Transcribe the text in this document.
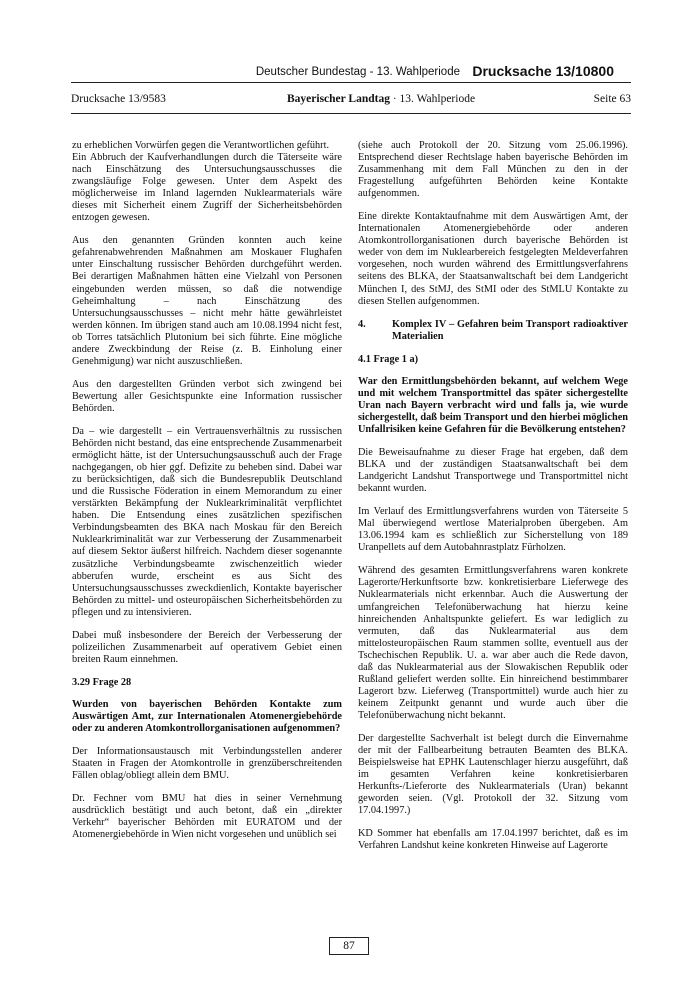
Deutscher Bundestag - 13. Wahlperiode Drucksache 13/10800
Drucksache 13/9583	Bayerischer Landtag · 13. Wahlperiode	Seite 63

zu erheblichen Vorwürfen gegen die Verantwortlichen geführt.

Ein Abbruch der Kaufverhandlungen durch die Täterseite wäre nach Einschätzung des Untersuchungsausschusses die zwangsläufige Folge gewesen. Unter dem Aspekt des möglicherweise im Inland lagernden Nuklearmaterials wäre dieses mit Sicherheit einem Zugriff der Sicherheitsbehörden entzogen gewesen.

Aus den genannten Gründen konnten auch keine gefahrenabwehrenden Maßnahmen am Moskauer Flughafen unter Einschaltung russischer Behörden durchgeführt werden. Bei derartigen Maßnahmen hätten eine Vielzahl von Personen eingebunden werden müssen, so daß die notwendige Geheimhaltung – nach Einschätzung des Untersuchungsausschusses – nicht mehr hätte gewährleistet werden können. Im übrigen stand auch am 10.08.1994 nicht fest, ob Torres tatsächlich Plutonium bei sich führte. Eine mögliche andere Zweckbindung der Reise (z. B. Einholung einer Genehmigung) war nicht auszuschließen.

Aus den dargestellten Gründen verbot sich zwingend bei Bewertung aller Gesichtspunkte eine Information russischer Behörden.

Da – wie dargestellt – ein Vertrauensverhältnis zu russischen Behörden nicht bestand, das eine entsprechende Zusammenarbeit ermöglicht hätte, ist der Untersuchungsausschuß auch der Frage nachgegangen, ob hier ggf. Defizite zu beheben sind. Dabei war zu berücksichtigen, daß sich die Bundesrepublik Deutschland und die Russische Föderation in einem Memorandum zu einer verstärkten Bekämpfung der Nuklearkriminalität verpflichtet haben. Die Entsendung eines zusätzlichen spezifischen Verbindungsbeamten des BKA nach Moskau für den Bereich Nuklearkriminalität war zur Verbesserung der Zusammenarbeit auf diesem Sektor äußerst hilfreich. Nachdem dieser sogenannte zusätzliche Verbindungsbeamte zwischenzeitlich wieder abberufen wurde, erscheint es aus Sicht des Untersuchungsausschusses zweckdienlich, Kontakte bayerischer Behörden zu mittel- und osteuropäischen Sicherheitsbehörden zu pflegen und zu intensivieren.

Dabei muß insbesondere der Bereich der Verbesserung der polizeilichen Zusammenarbeit auf operativem Gebiet einen breiten Raum einnehmen.

3.29 Frage 28

Wurden von bayerischen Behörden Kontakte zum Auswärtigen Amt, zur Internationalen Atomenergiebehörde oder zu anderen Atomkontrollorganisationen aufgenommen?

Der Informationsaustausch mit Verbindungsstellen anderer Staaten in Fragen der Atomkontrolle in grenzüberschreitenden Fällen oblag/obliegt allein dem BMU.

Dr. Fechner vom BMU hat dies in seiner Vernehmung ausdrücklich bestätigt und auch betont, daß ein „direkter Verkehr“ bayerischer Behörden mit EURATOM und der Atomenergiebehörde in Wien nicht vorgesehen und unüblich sei

(siehe auch Protokoll der 20. Sitzung vom 25.06.1996). Entsprechend dieser Rechtslage haben bayerische Behörden im Zusammenhang mit dem Fall München zu den in der Fragestellung aufgeführten Behörden keine Kontakte aufgenommen.

Eine direkte Kontaktaufnahme mit dem Auswärtigen Amt, der Internationalen Atomenergiebehörde oder anderen Atomkontrollorganisationen durch bayerische Behörden ist weder von dem im Nuklearbereich festgelegten Meldeverfahren vorgesehen, noch wurden während des Ermittlungsverfahrens seitens des BLKA, der Staatsanwaltschaft bei dem Landgericht München I, des StMJ, des StMI oder des StMLU Kontakte zu diesen Stellen aufgenommen.

4.	Komplex IV – Gefahren beim Transport radioaktiver Materialien
4.1 Frage 1 a)

War den Ermittlungsbehörden bekannt, auf welchem Wege und mit welchem Transportmittel das später sichergestellte Uran nach Bayern verbracht wird und falls ja, wie wurde sichergestellt, daß beim Transport und den hierbei möglichen Unfallrisiken keine Gefahren für die Bevölkerung entstehen?

Die Beweisaufnahme zu dieser Frage hat ergeben, daß dem BLKA und der zuständigen Staatsanwaltschaft bei dem Landgericht Landshut Transportwege und Transportmittel nicht bekannt wurden.

Im Verlauf des Ermittlungsverfahrens wurden von Täterseite 5 Mal überwiegend wertlose Materialproben übergeben. Am 13.06.1994 kam es schließlich zur Sicherstellung von 189 Uranpellets auf dem Autobahnrastplatz Fürholzen.

Während des gesamten Ermittlungsverfahrens waren konkrete Lagerorte/Herkunftsorte bzw. konkretisierbare Lieferwege des Nuklearmaterials nicht erkennbar. Auch die Auswertung der umfangreichen Telefonüberwachung hat hierzu keine hinreichenden Anhaltspunkte geliefert. Es war lediglich zu vermuten, daß das Nuklearmaterial aus dem mittelosteuropäischen Raum stammen sollte, eventuell aus der Tschechischen Republik. U. a. war aber auch die Rede davon, daß das Nuklearmaterial aus der Slowakischen Republik oder Rußland geliefert werden sollte. Ein hinreichend bestimmbarer Lagerort bzw. Lieferweg (Transportmittel) wurde auch hier zu keinem Zeitpunkt genannt und wurde auch über die Telefonüberwachung nicht bekannt.

Der dargestellte Sachverhalt ist belegt durch die Einvernahme der mit der Fallbearbeitung betrauten Beamten des BLKA. Beispielsweise hat EPHK Lautenschlager hierzu ausgeführt, daß im gesamten Verfahren keine konkretisierbaren Herkunfts-/Lieferorte des Nuklearmaterials (Uran) bekannt geworden seien. (Vgl. Protokoll der 32. Sitzung vom 17.04.1997.)

KD Sommer hat ebenfalls am 17.04.1997 berichtet, daß es im Verfahren Landshut keine konkreten Hinweise auf Lagerorte

87
